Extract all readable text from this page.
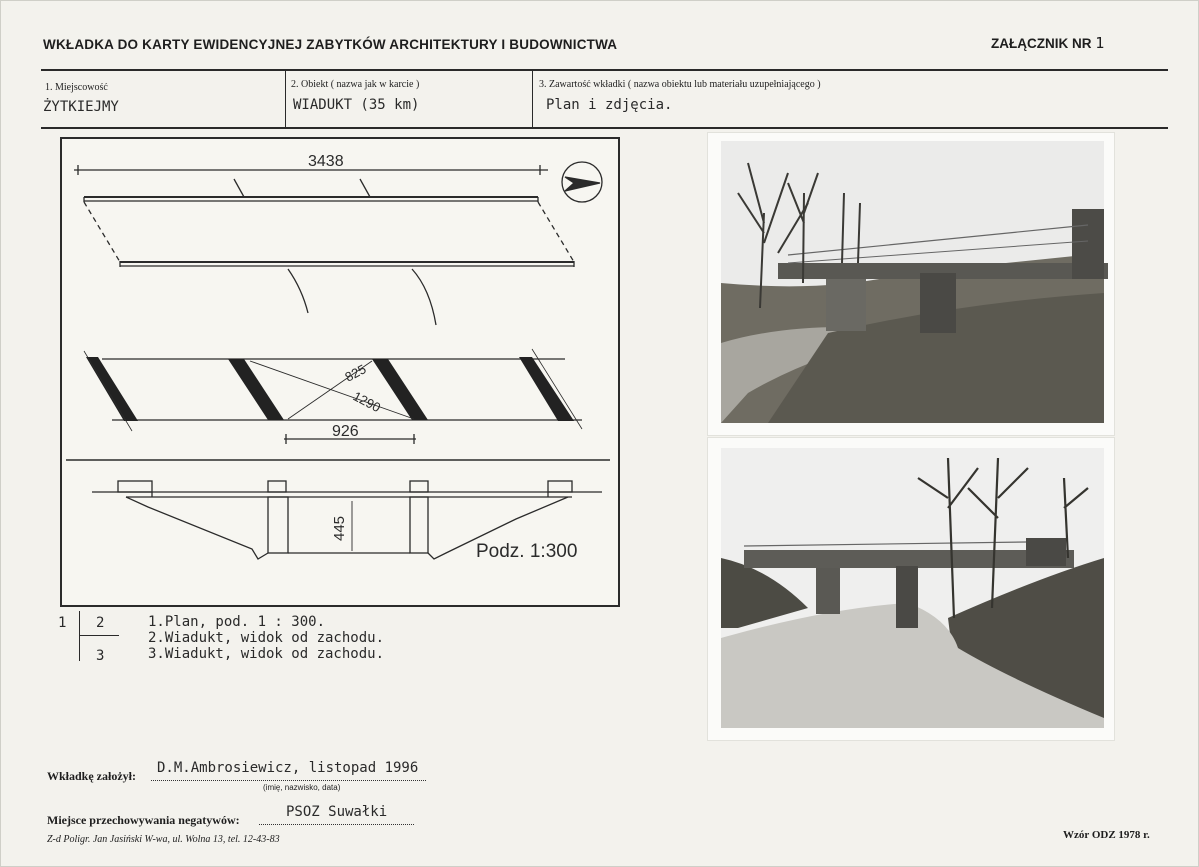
WKŁADKA DO KARTY EWIDENCYJNEJ ZABYTKÓW ARCHITEKTURY I BUDOWNICTWA	ZAŁĄCZNIK NR 1
1. Miejscowość
ŻYTKIEJMY
2. Obiekt ( nazwa jak w karcie )
WIADUKT (35 km)
3. Zawartość wkładki ( nazwa obiektu lub materiału uzupełniającego )
Plan i zdjęcia.
3438
825
1290
926
445
Podz. 1:300
1 2
3
1.Plan, pod. 1 : 300.
2.Wiadukt, widok od zachodu.
3.Wiadukt, widok od zachodu.
Wkładkę założył: D.M.Ambrosiewicz, listopad 1996
(imię, nazwisko, data)
Miejsce przechowywania negatywów:	PSOZ Suwałki
Z-d Poligr. Jan Jasiński W-wa, ul. Wolna 13, tel. 12-43-83	Wzór ODZ 1978 r.
